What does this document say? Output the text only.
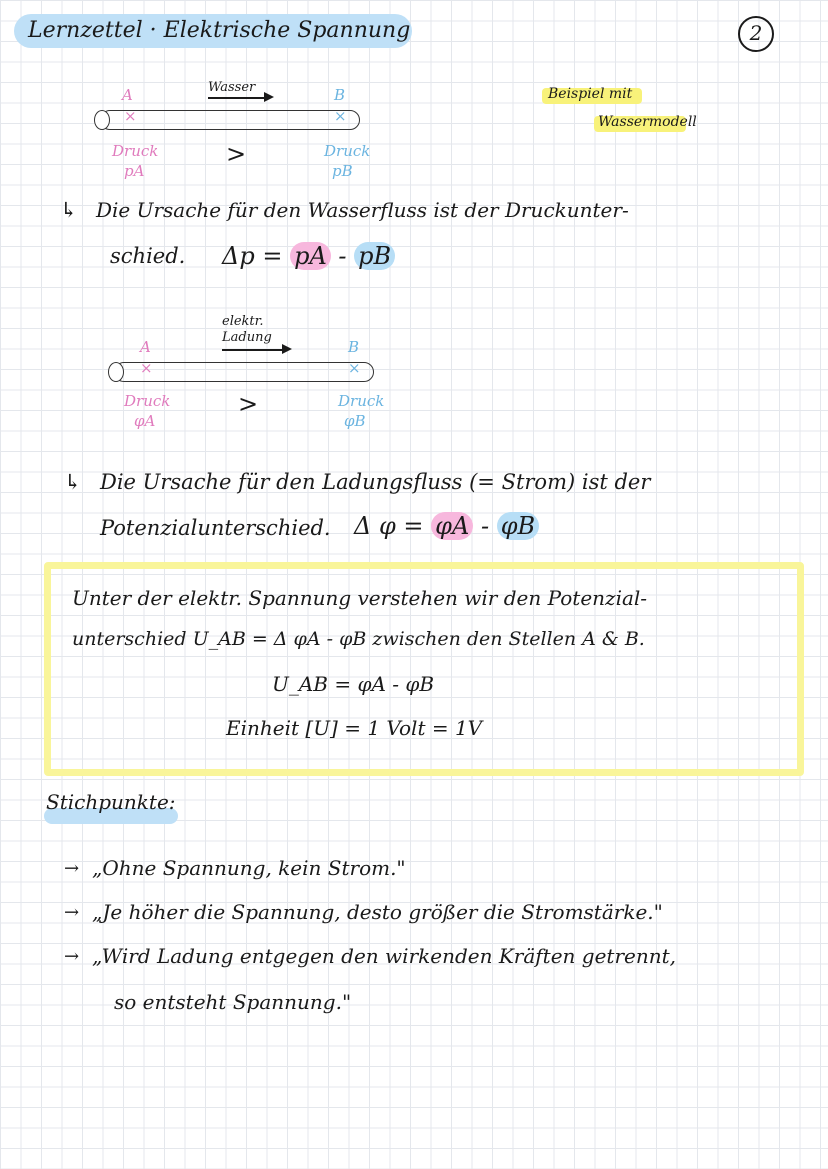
Lernzettel · Elektrische Spannung	2
Wasser
A	B
×	×
Druck
pA
>	Druck
pB
Beispiel mit
Wassermodell
↳ Die Ursache für den Wasserfluss ist der Druckunter-
schied. Δp = pA - pB
elektr.
Ladung
A	B
×	×
Druck
φA
>	Druck
φB
↳ Die Ursache für den Ladungsfluss (= Strom) ist der
Potenzialunterschied. Δ φ = φA - φB
Unter der elektr. Spannung verstehen wir den Potenzial-
unterschied U_AB = Δ φA - φB zwischen den Stellen A & B.
U_AB = φA - φB
Einheit [U] = 1 Volt = 1V
Stichpunkte:
→ „Ohne Spannung, kein Strom."
→ „Je höher die Spannung, desto größer die Stromstärke."
→ „Wird Ladung entgegen den wirkenden Kräften getrennt,
so entsteht Spannung."
